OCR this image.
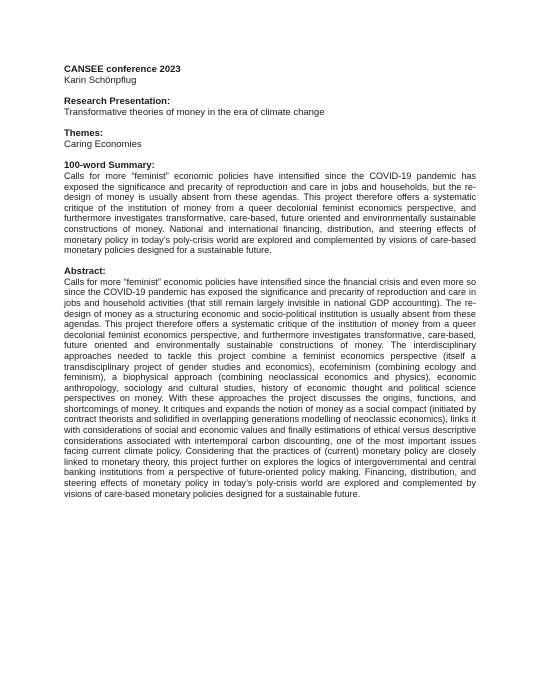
CANSEE conference 2023

Karin Schönpflug

Research Presentation:

Transformative theories of money in the era of climate change

Themes:

Caring Economies

100-word Summary:

Calls for more “feminist” economic policies have intensified since the COVID-19 pandemic has exposed the significance and precarity of reproduction and care in jobs and households, but the re-design of money is usually absent from these agendas. This project therefore offers a systematic critique of the institution of money from a queer decolonial feminist economics perspective, and furthermore investigates transformative, care-based, future oriented and environmentally sustainable constructions of money. National and international financing, distribution, and steering effects of monetary policy in today’s poly-crisis world are explored and complemented by visions of care-based monetary policies designed for a sustainable future.

Abstract:

Calls for more “feminist” economic policies have intensified since the financial crisis and even more so since the COVID-19 pandemic has exposed the significance and precarity of reproduction and care in jobs and household activities (that still remain largely invisible in national GDP accounting). The re-design of money as a structuring economic and socio-political institution is usually absent from these agendas. This project therefore offers a systematic critique of the institution of money from a queer decolonial feminist economics perspective, and furthermore investigates transformative, care-based, future oriented and environmentally sustainable constructions of money. The interdisciplinary approaches needed to tackle this project combine a feminist economics perspective (itself a transdisciplinary project of gender studies and economics), ecofeminism (combining ecology and feminism), a biophysical approach (combining neoclassical economics and physics), economic anthropology, sociology and cultural studies, history of economic thought and political science perspectives on money. With these approaches the project discusses the origins, functions, and shortcomings of money. It critiques and expands the notion of money as a social compact (initiated by contract theorists and solidified in overlapping generations modelling of neoclassic economics), links it with considerations of social and economic values and finally estimations of ethical versus descriptive considerations associated with intertemporal carbon discounting, one of the most important issues facing current climate policy. Considering that the practices of (current) monetary policy are closely linked to monetary theory, this project further on explores the logics of intergovernmental and central banking institutions from a perspective of future-oriented policy making. Financing, distribution, and steering effects of monetary policy in today’s poly-crisis world are explored and complemented by visions of care-based monetary policies designed for a sustainable future.
